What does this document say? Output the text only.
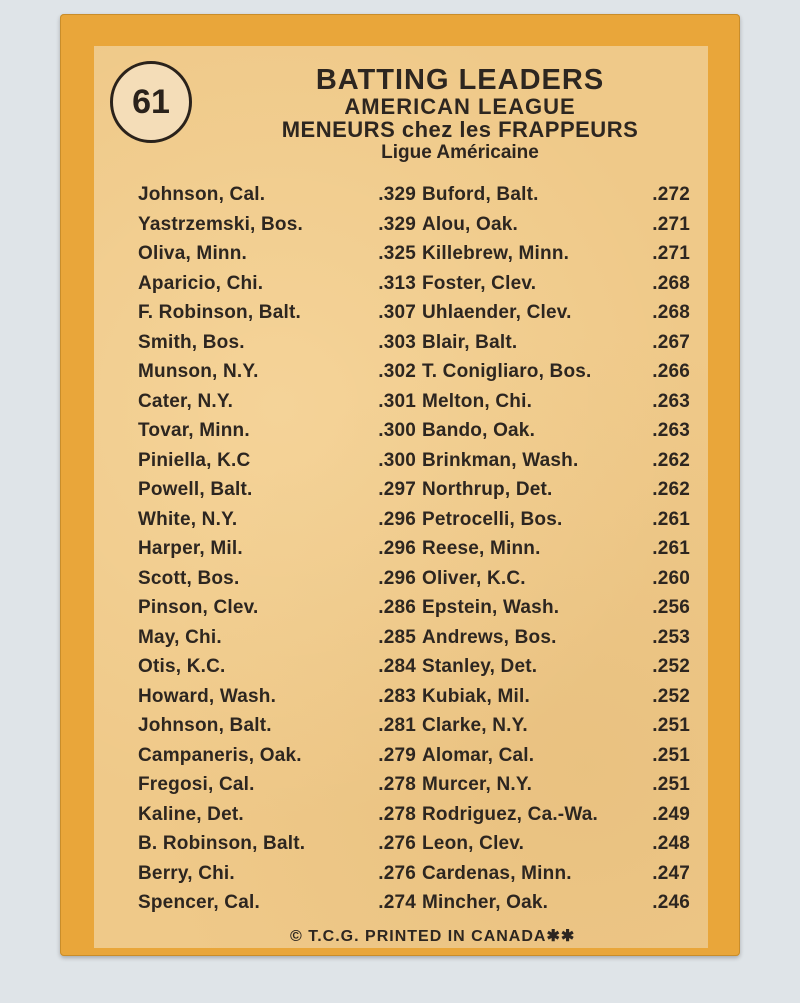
61
BATTING LEADERS
AMERICAN LEAGUE
MENEURS chez les FRAPPEURS
Ligue Américaine
Johnson, Cal.	.329 Buford, Balt.	.272
Yastrzemski, Bos.	.329 Alou, Oak.	.271
Oliva, Minn.	.325 Killebrew, Minn.	.271
Aparicio, Chi.	.313 Foster, Clev.	.268
F. Robinson, Balt.	.307 Uhlaender, Clev.	.268
Smith, Bos.	.303 Blair, Balt.	.267
Munson, N.Y.	.302 T. Conigliaro, Bos.	.266
Cater, N.Y.	.301 Melton, Chi.	.263
Tovar, Minn.	.300 Bando, Oak.	.263
Piniella, K.C	.300 Brinkman, Wash.	.262
Powell, Balt.	.297 Northrup, Det.	.262
White, N.Y.	.296 Petrocelli, Bos.	.261
Harper, Mil.	.296 Reese, Minn.	.261
Scott, Bos.	.296 Oliver, K.C.	.260
Pinson, Clev.	.286 Epstein, Wash.	.256
May, Chi.	.285 Andrews, Bos.	.253
Otis, K.C.	.284 Stanley, Det.	.252
Howard, Wash.	.283 Kubiak, Mil.	.252
Johnson, Balt.	.281 Clarke, N.Y.	.251
Campaneris, Oak.	.279 Alomar, Cal.	.251
Fregosi, Cal.	.278 Murcer, N.Y.	.251
Kaline, Det.	.278 Rodriguez, Ca.-Wa.	.249
B. Robinson, Balt.	.276 Leon, Clev.	.248
Berry, Chi.	.276 Cardenas, Minn.	.247
Spencer, Cal.	.274 Mincher, Oak.	.246
© T.C.G. PRINTED IN CANADA✱✱
